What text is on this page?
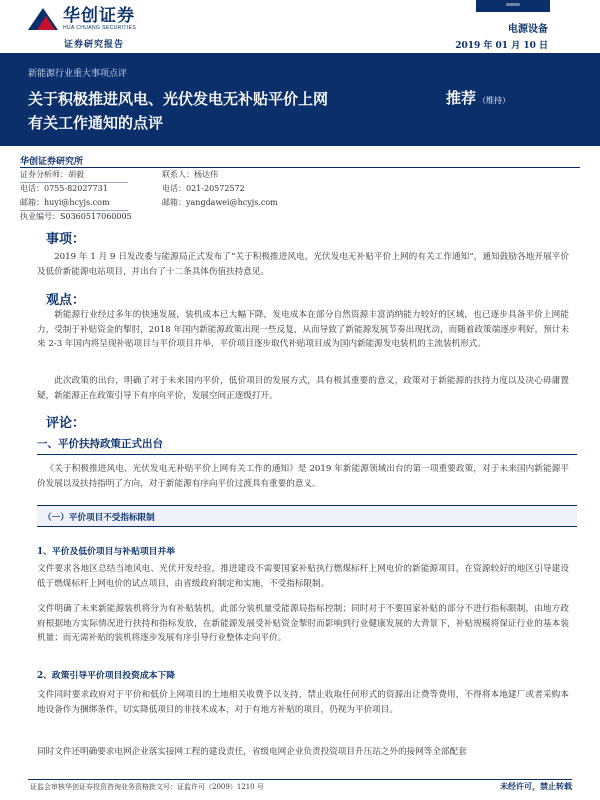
华创证券
HUA CHUANG SECURITIES
证券研究报告
电源设备
2019 年 01 月 10 日
新能源行业重大事项点评
关于积极推进风电、光伏发电无补贴平价上网
有关工作通知的点评
推荐 （维持）
华创证券研究所
证券分析师：胡毅
电话：0755-82027731
邮箱：huyi@hcyjs.com
执业编号：S0360517060005
联系人：杨达伟
电话：021-20572572
邮箱：yangdawei@hcyjs.com
事项：
2019 年 1 月 9 日发改委与能源局正式发布了“关于积极推进风电，光伏发电无补贴平价上网的有关工作通知”，通知鼓励各地开展平价及低价新能源电站项目，并出台了十二条具体伤值扶持意见。
观点：
新能源行业经过多年的快速发展，装机成本已大幅下降，发电成本在部分自然资源丰富消纳能力较好的区域，也已逐步具备平价上网能力，受制于补贴资金的掣肘，2018 年国内新能源政策出现一些反复，从而导致了新能源发展节奏出现扰动，而随着政策端逐步利好，预计未来 2-3 年国内将呈现补贴项目与平价项目并举，平价项目逐步取代补贴项目成为国内新能源发电装机的主流装机形式。
此次政策的出台，明确了对于未来国内平价，低价项目的发展方式，具有极其重要的意义，政策对于新能源的扶持力度以及决心毋庸置疑，新能源正在政策引导下有序向平价，发展空间正逐级打开。
评论：
一、平价扶持政策正式出台
《关于积极推进风电、光伏发电无补贴平价上网有关工作的通知》是 2019 年新能源领域出台的第一项重要政策，对于未来国内新能源平价发展以及扶持指明了方向，对于新能源有序向平价过渡具有重要的意义。
（一）平价项目不受指标限制
1、平价及低价项目与补贴项目并举
文件要求各地区总结当地风电、光伏开发经验，推进建设不需要国家补贴执行燃煤标杆上网电价的新能源项目，在资源较好的地区引导建设低于燃煤标杆上网电价的试点项目，由省级政府制定和实施，不受指标限制。
文件明确了未来新能源装机将分为有补贴装机，此部分装机量受能源局指标控制；同时对于不要国家补贴的部分不进行指标限制，由地方政府根据地方实际情况进行扶持和指标发放，在新能源发展受补贴资金掣肘而影响到行业健康发展的大背景下，补贴规模将保证行业的基本装机量；而无需补贴的装机将逐步发展有序引导行业整体走向平价。
2、政策引导平价项目投资成本下降
文件同时要求政府对于平价和低价上网项目的土地相关收费予以支持，禁止收取任何形式的资源出让费等费用，不得将本地建厂或者采购本地设备作为捆绑条件，切实降低项目的非技术成本，对于有地方补贴的项目，仍视为平价项目。
同时文件还明确要求电网企业落实接网工程的建设责任，省级电网企业负责投资项目升压站之外的接网等全部配套
证监会审核华创证券投资咨询业务资格批文号：证监许可（2009）1210 号	未经许可，禁止转载
